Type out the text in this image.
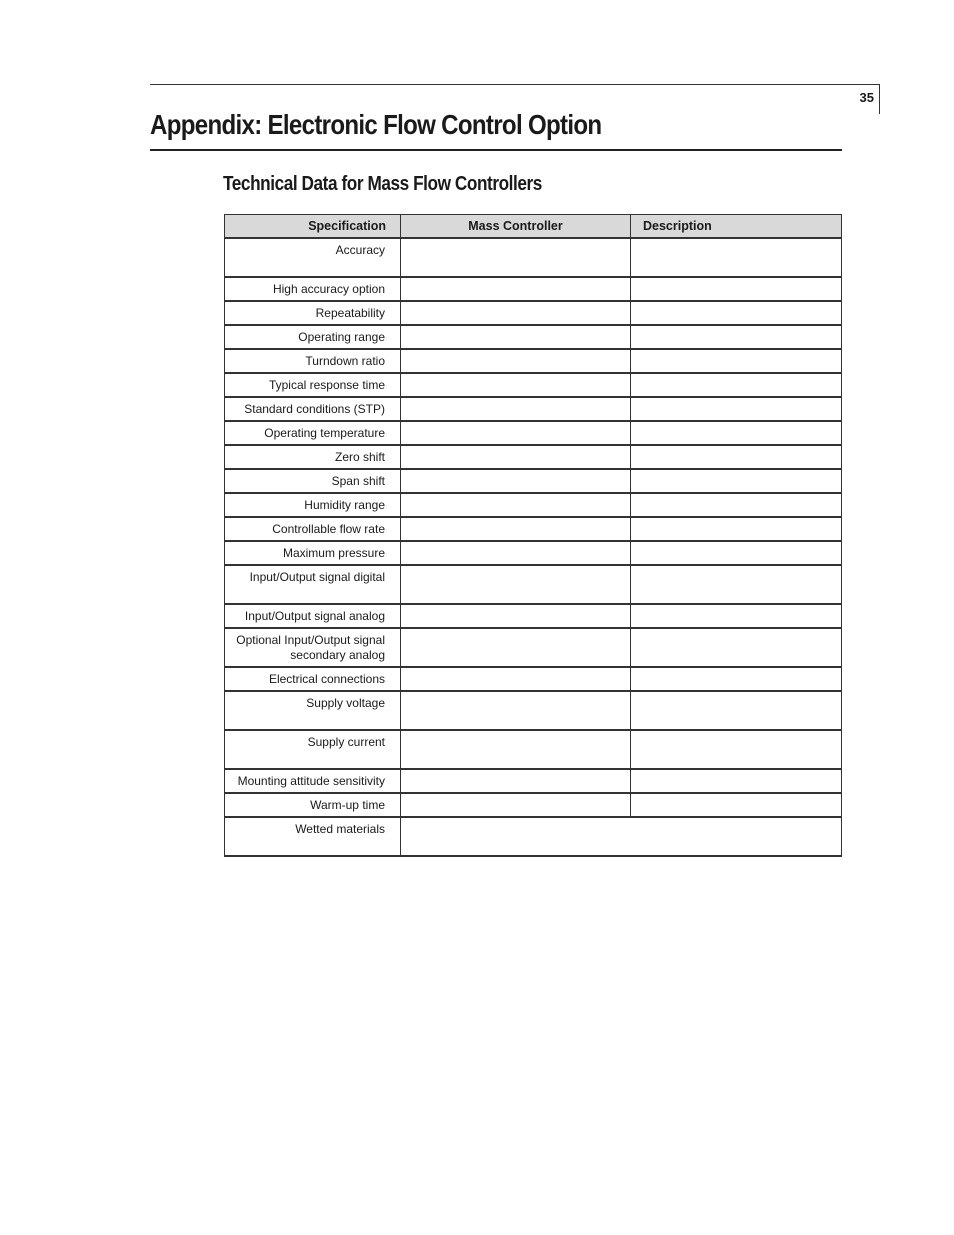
35
Appendix: Electronic Flow Control Option
Technical Data for Mass Flow Controllers
Specification	Mass Controller	Description
Accuracy		
High accuracy option		
Repeatability		
Operating range		
Turndown ratio		
Typical response time		
Standard conditions (STP)		
Operating temperature		
Zero shift		
Span shift		
Humidity range		
Controllable flow rate		
Maximum pressure		
Input/Output signal digital		
Input/Output signal analog		
Optional Input/Output signal secondary analog		
Electrical connections		
Supply voltage		
Supply current		
Mounting attitude sensitivity		
Warm-up time		
Wetted materials		
